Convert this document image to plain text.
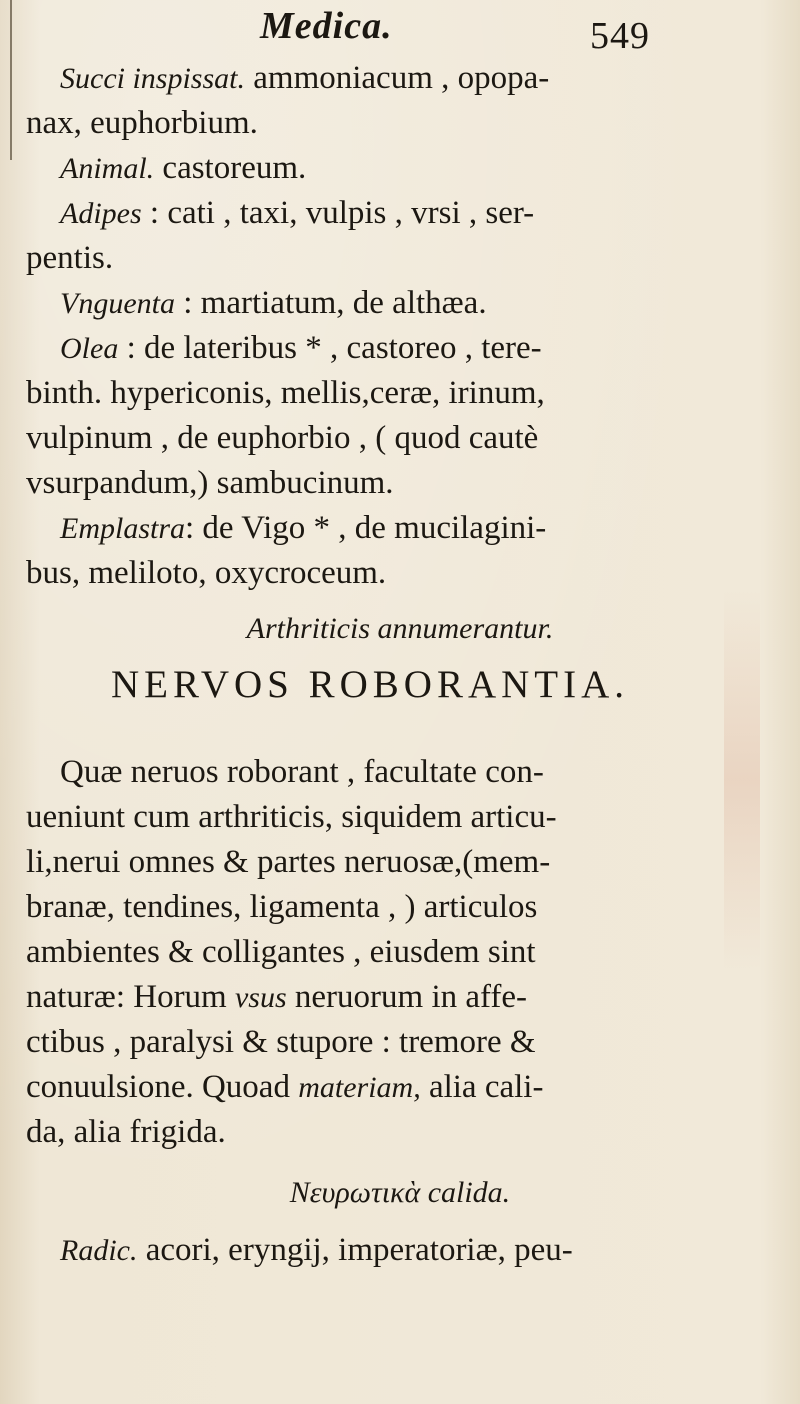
Medica.	549
Succi inspissat. ammoniacum , opopa-
nax, euphorbium.
Animal. castoreum.
Adipes : cati , taxi, vulpis , vrsi , ser-
pentis.
Vnguenta : martiatum, de althæa.
Olea : de lateribus * , castoreo , tere-
binth. hypericonis, mellis,ceræ, irinum,
vulpinum , de euphorbio , ( quod cautè
vsurpandum,) sambucinum.
Emplastra: de Vigo * , de mucilagini-
bus, meliloto, oxycroceum.
Arthriticis annumerantur.
NERVOS ROBORANTIA.
Quæ neruos roborant , facultate con-
ueniunt cum arthriticis, siquidem articu-
li,nerui omnes & partes neruosæ,(mem-
branæ, tendines, ligamenta , ) articulos
ambientes & colligantes , eiusdem sint
naturæ: Horum vsus neruorum in affe-
ctibus , paralysi & stupore : tremore &
conuulsione. Quoad materiam, alia cali-
da, alia frigida.
Νευρωτικὰ calida.
Radic. acori, eryngij, imperatoriæ, peu-
